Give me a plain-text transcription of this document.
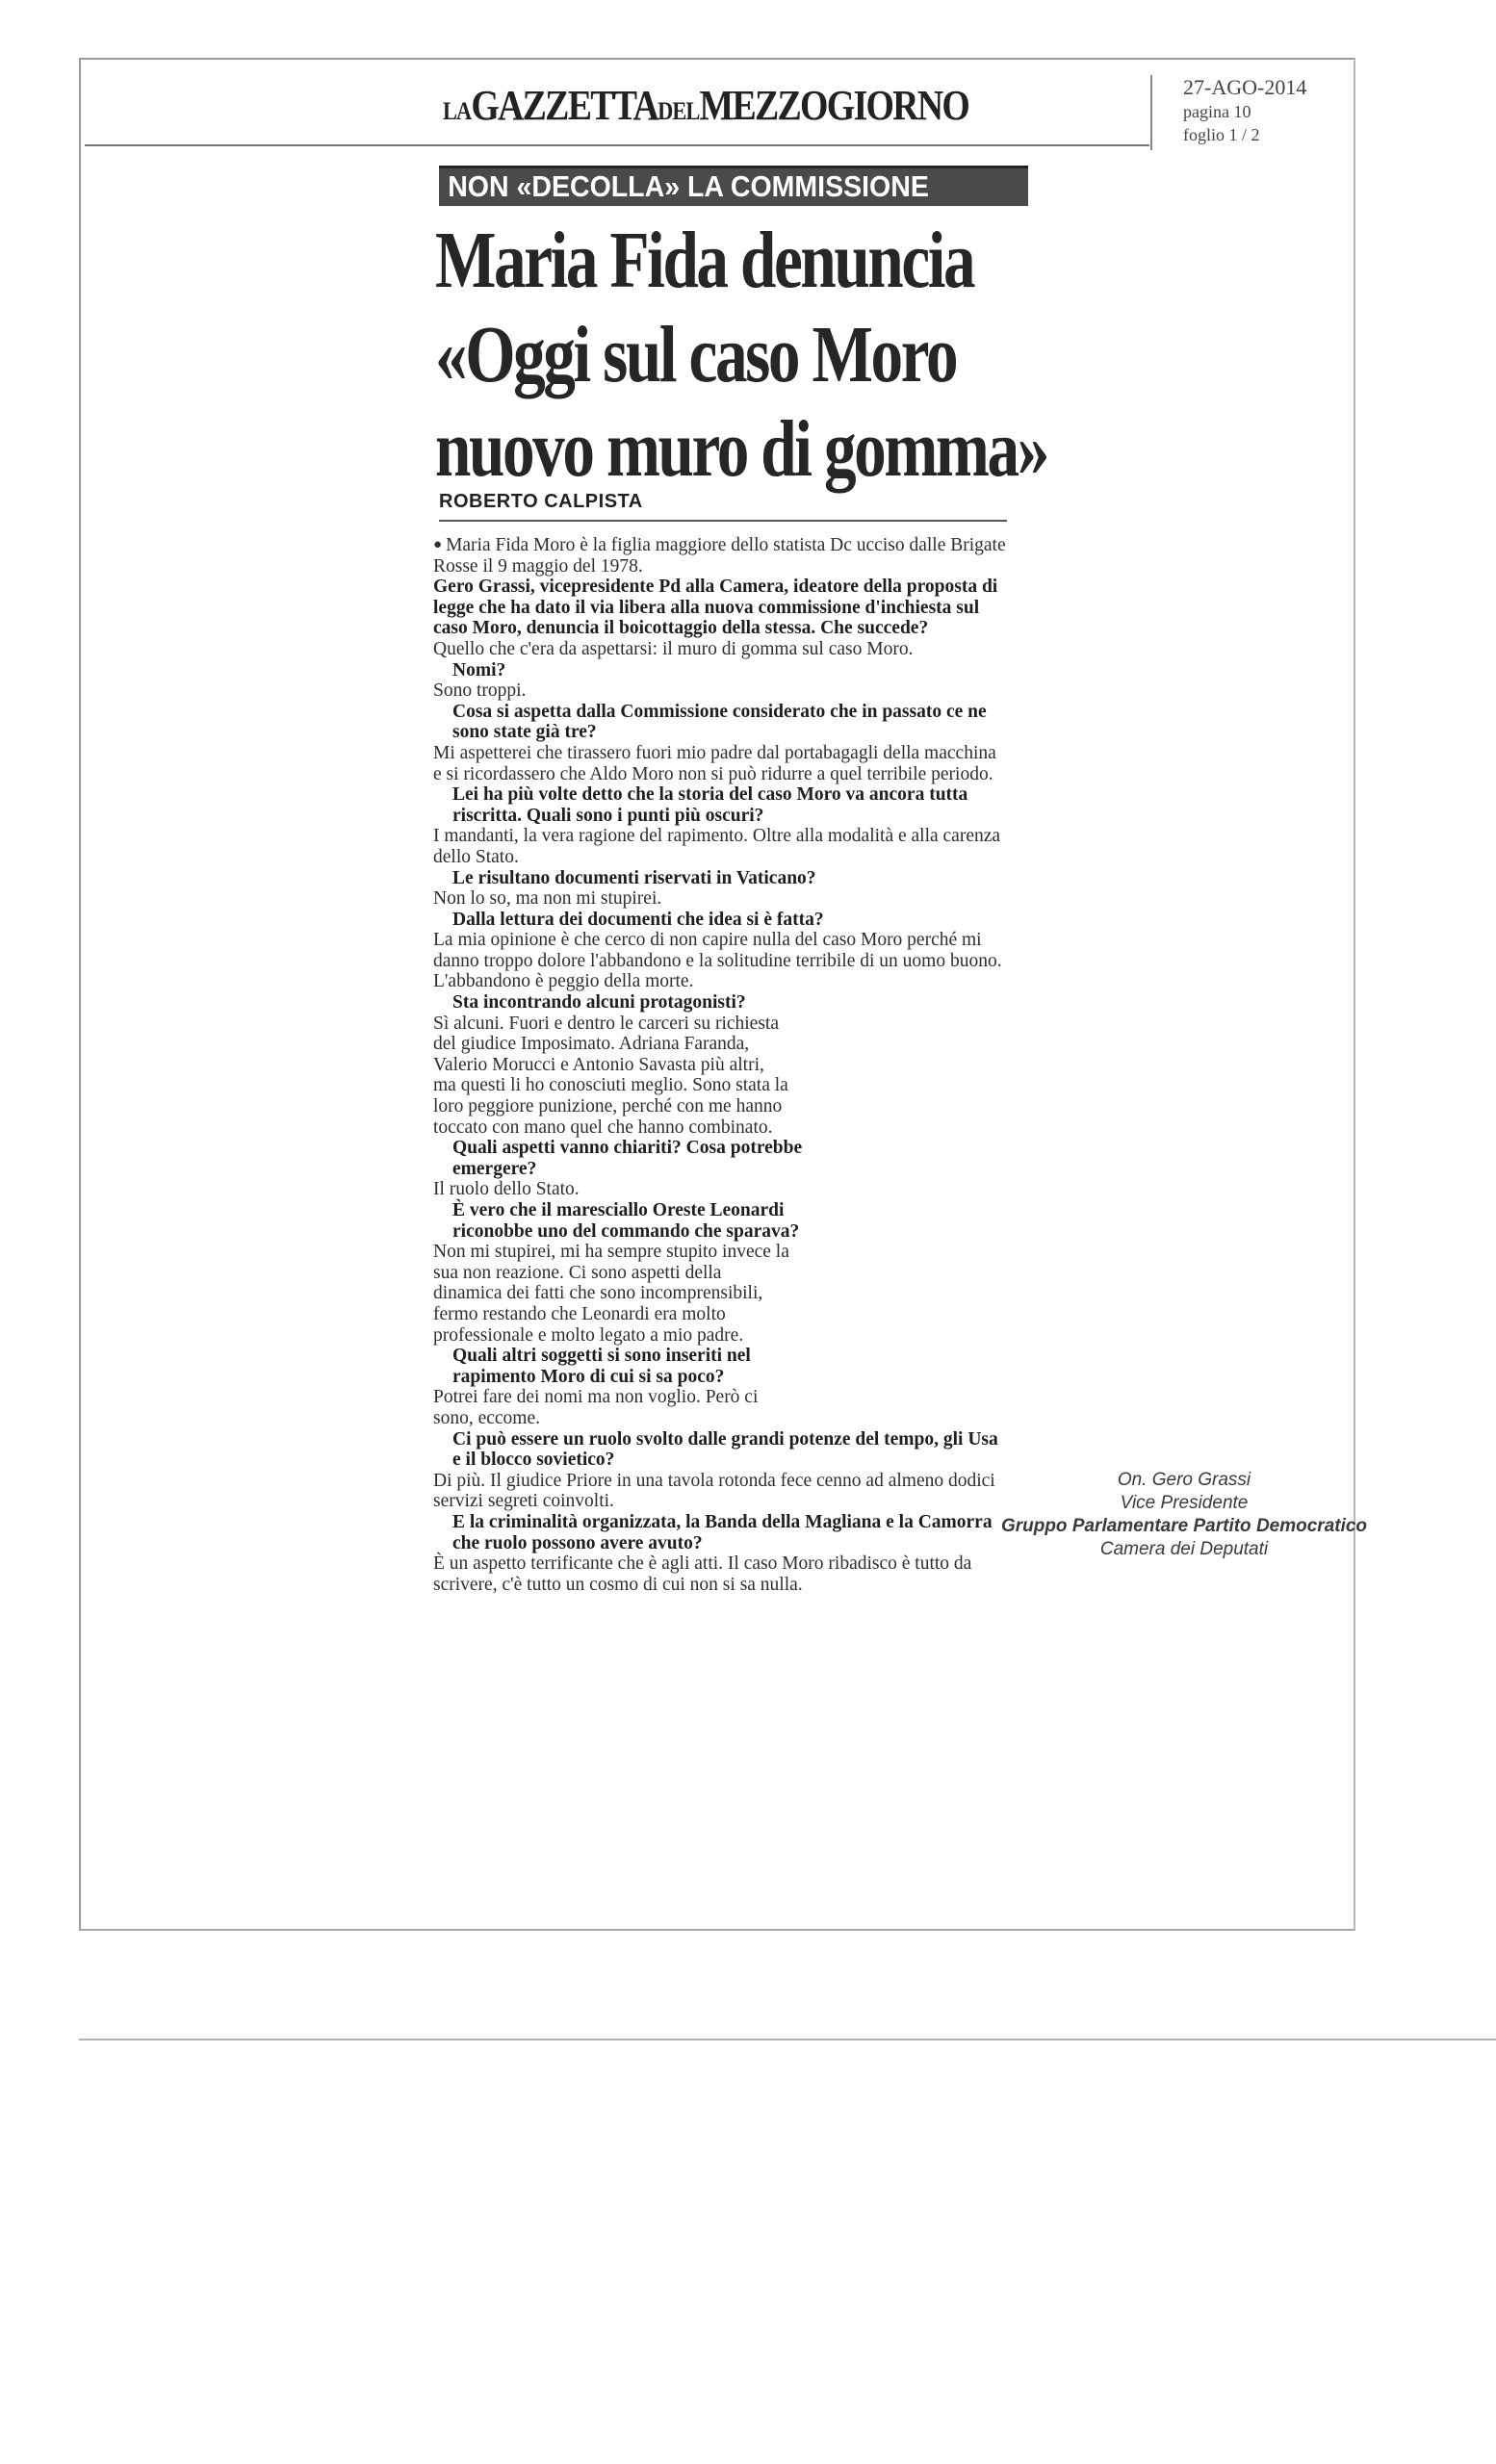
LAGAZZETTADELMEZZOGIORNO	27-AGO-2014
pagina 10
foglio 1 / 2
NON «DECOLLA» LA COMMISSIONE
Maria Fida denuncia
«Oggi sul caso Moro
nuovo muro di gomma»
ROBERTO CALPISTA

● Maria Fida Moro è la figlia maggiore dello statista Dc ucciso dalle Brigate Rosse il 9 maggio del 1978.

Gero Grassi, vicepresidente Pd alla Camera, ideatore della proposta di legge che ha dato il via libera alla nuova commissione d'inchiesta sul caso Moro, denuncia il boicottaggio della stessa. Che succede?

Quello che c'era da aspettarsi: il muro di gomma sul caso Moro.

Nomi?

Sono troppi.

Cosa si aspetta dalla Commissione considerato che in passato ce ne sono state già tre?

Mi aspetterei che tirassero fuori mio padre dal portabagagli della macchina e si ricordassero che Aldo Moro non si può ridurre a quel terribile periodo.

Lei ha più volte detto che la storia del caso Moro va ancora tutta riscritta. Quali sono i punti più oscuri?

I mandanti, la vera ragione del rapimento. Oltre alla modalità e alla carenza dello Stato.

Le risultano documenti riservati in Vaticano?

Non lo so, ma non mi stupirei.

Dalla lettura dei documenti che idea si è fatta?

La mia opinione è che cerco di non capire nulla del caso Moro perché mi danno troppo dolore l'abbandono e la solitudine terribile di un uomo buono. L'abbandono è peggio della morte.

Sta incontrando alcuni protagonisti?

Sì alcuni. Fuori e dentro le carceri su richiesta del giudice Imposimato. Adriana Faranda, Valerio Morucci e Antonio Savasta più altri, ma questi li ho conosciuti meglio. Sono stata la loro peggiore punizione, perché con me hanno toccato con mano quel che hanno combinato.

Quali aspetti vanno chiariti? Cosa potrebbe emergere?

Il ruolo dello Stato.

È vero che il maresciallo Oreste Leonardi riconobbe uno del commando che sparava?

Non mi stupirei, mi ha sempre stupito invece la sua non reazione. Ci sono aspetti della dinamica dei fatti che sono incomprensibili, fermo restando che Leonardi era molto professionale e molto legato a mio padre.

Quali altri soggetti si sono inseriti nel rapimento Moro di cui si sa poco?

Potrei fare dei nomi ma non voglio. Però ci sono, eccome.

Ci può essere un ruolo svolto dalle grandi potenze del tempo, gli Usa e il blocco sovietico?

Di più. Il giudice Priore in una tavola rotonda fece cenno ad almeno dodici servizi segreti coinvolti.

E la criminalità organizzata, la Banda della Magliana e la Camorra che ruolo possono avere avuto?

È un aspetto terrificante che è agli atti. Il caso Moro ribadisco è tutto da scrivere, c'è tutto un cosmo di cui non si sa nulla.

On. Gero Grassi
Vice Presidente
Gruppo Parlamentare Partito Democratico
Camera dei Deputati
